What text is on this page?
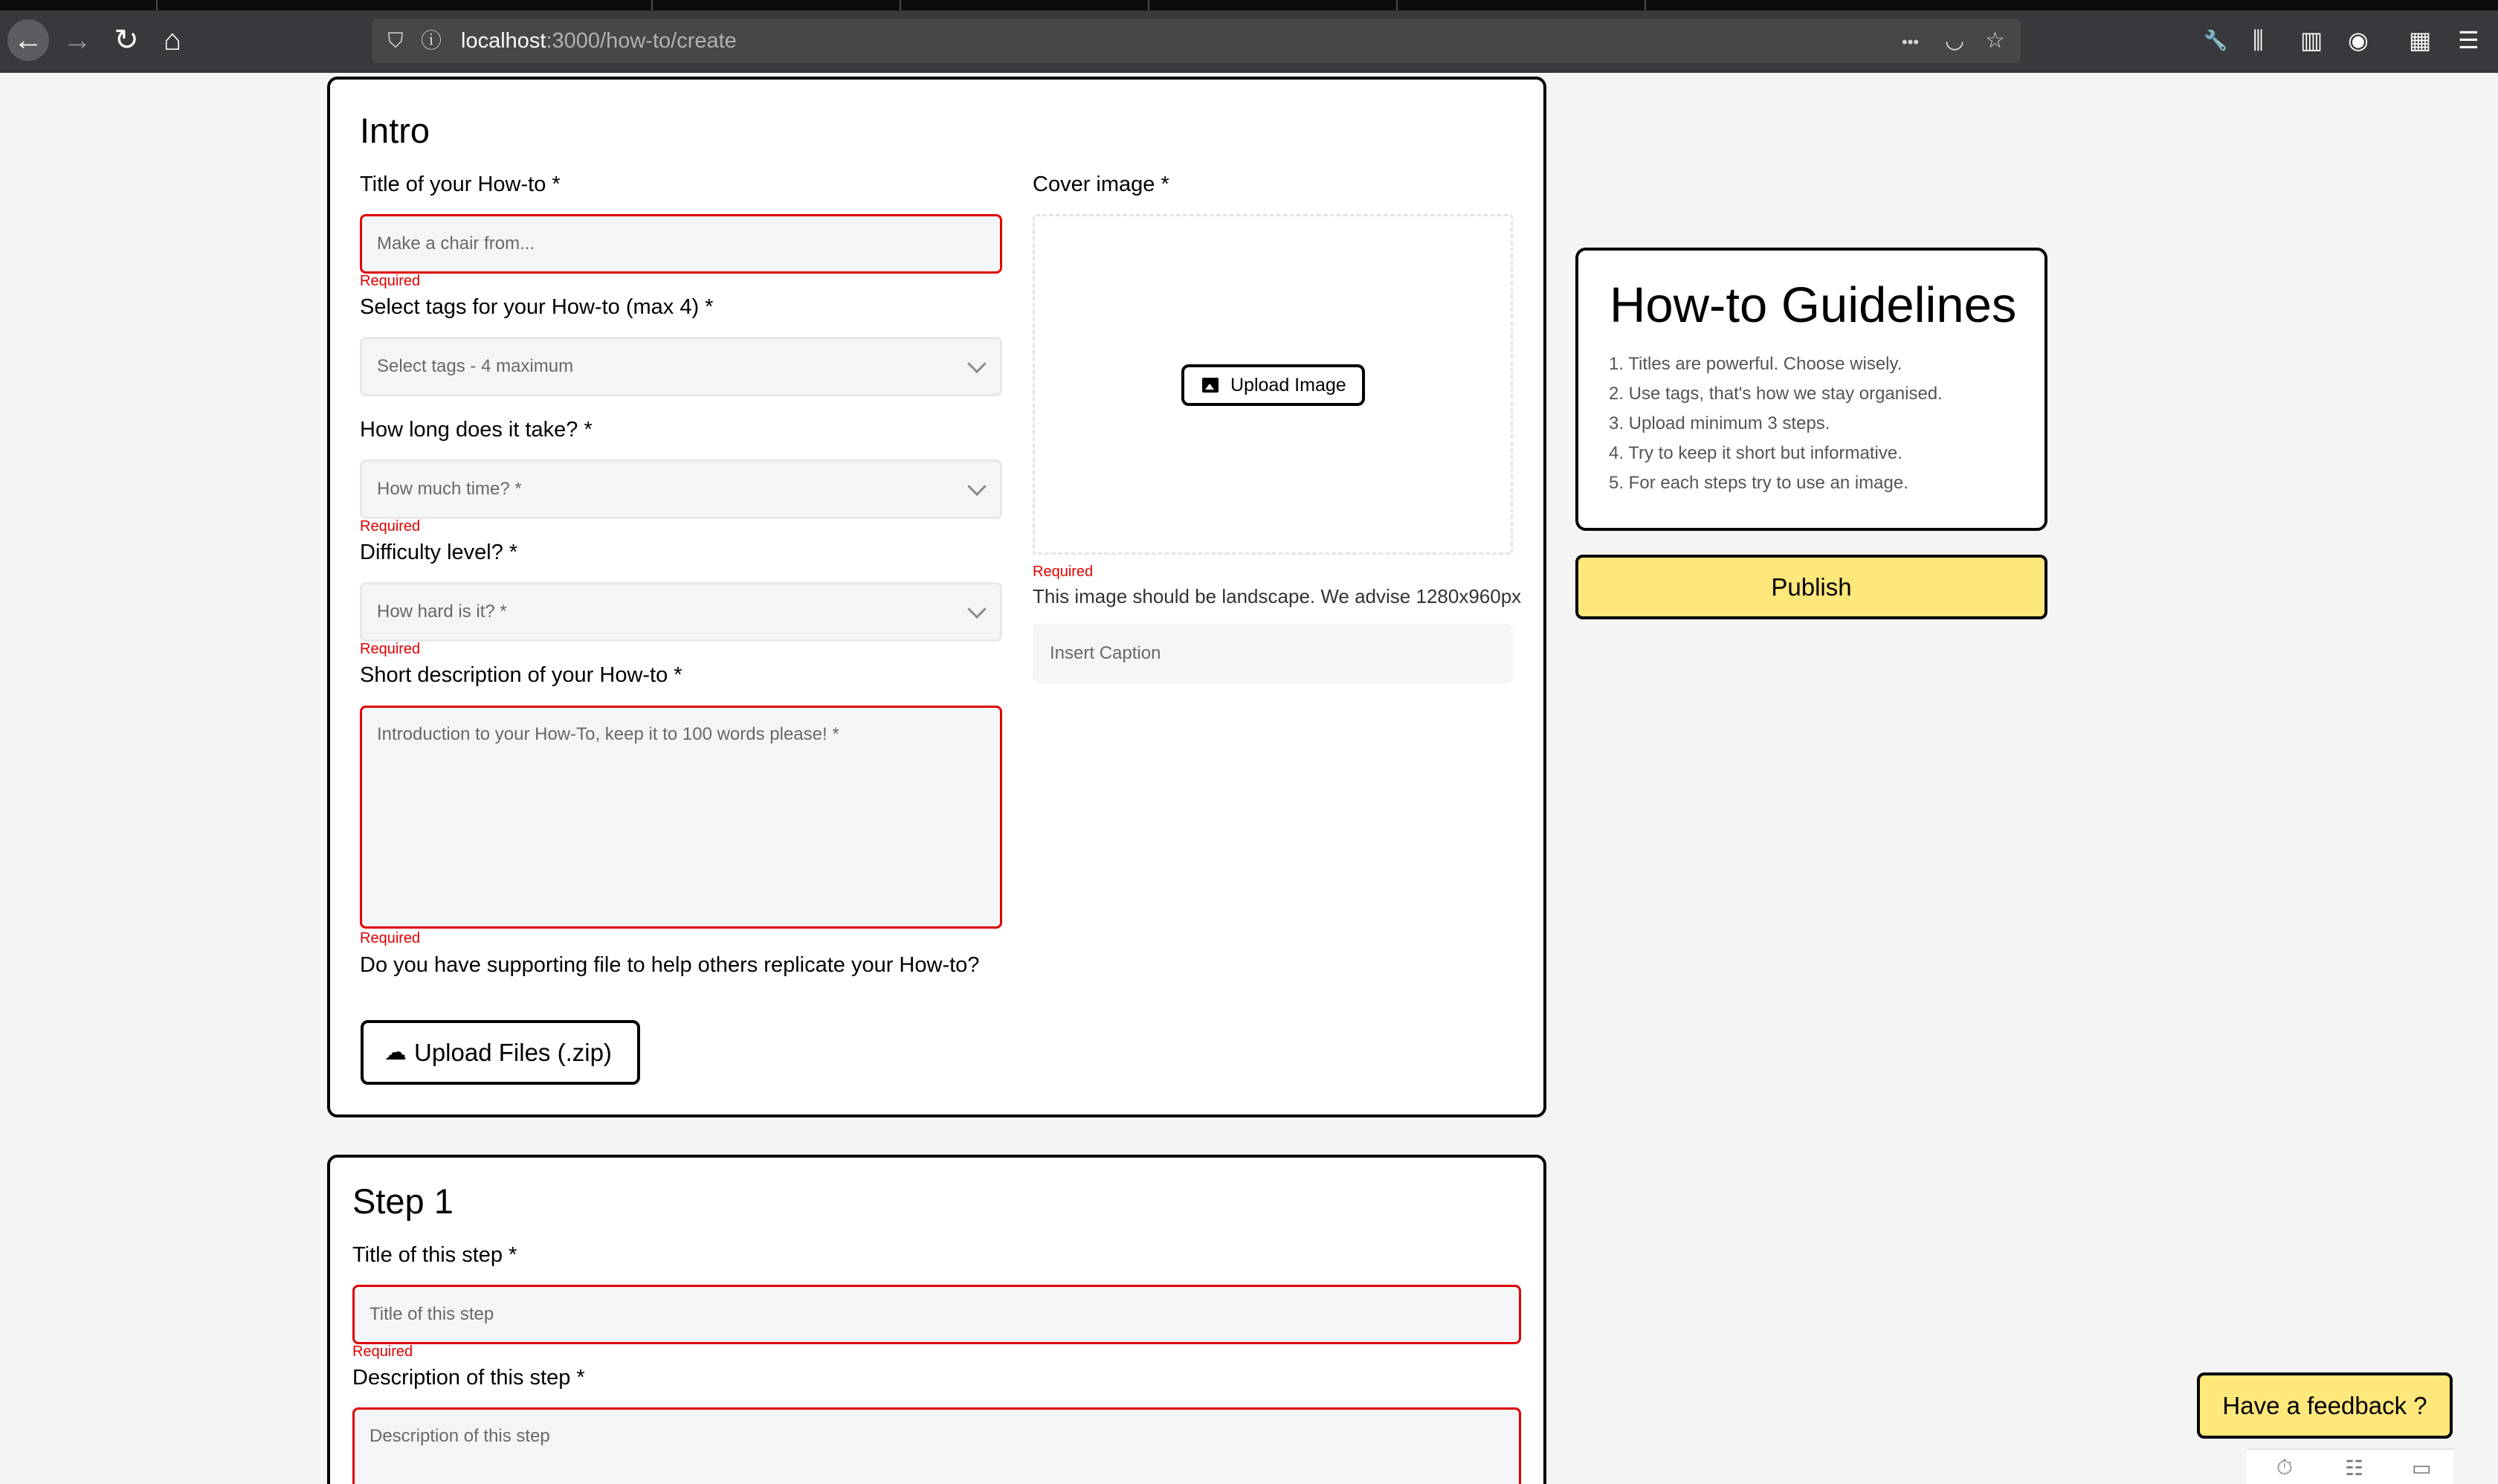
← → ↻ ⌂	⛉ ⓘ localhost:3000/how-to/create	••• ◡ ☆	🔧 ⫼ ▥ ◉ ▦ ☰
Intro
Title of your How-to *
Make a chair from...
Required
Select tags for your How-to (max 4) *
Select tags - 4 maximum
How long does it take? *
How much time? *
Required
Difficulty level? *
How hard is it? *
Required
Short description of your How-to *
Introduction to your How-To, keep it to 100 words please! *
Required
Do you have supporting file to help others replicate your How-to?
☁ Upload Files (.zip)
Cover image *
Upload Image
Required
This image should be landscape. We advise 1280x960px
Insert Caption
Step 1
Title of this step *
Title of this step
Required
Description of this step *
Description of this step
How-to Guidelines
1. Titles are powerful. Choose wisely.
2. Use tags, that's how we stay organised.
3. Upload minimum 3 steps.
4. Try to keep it short but informative.
5. For each steps try to use an image.
Publish
Have a feedback ?
⏱	☷ ▭
